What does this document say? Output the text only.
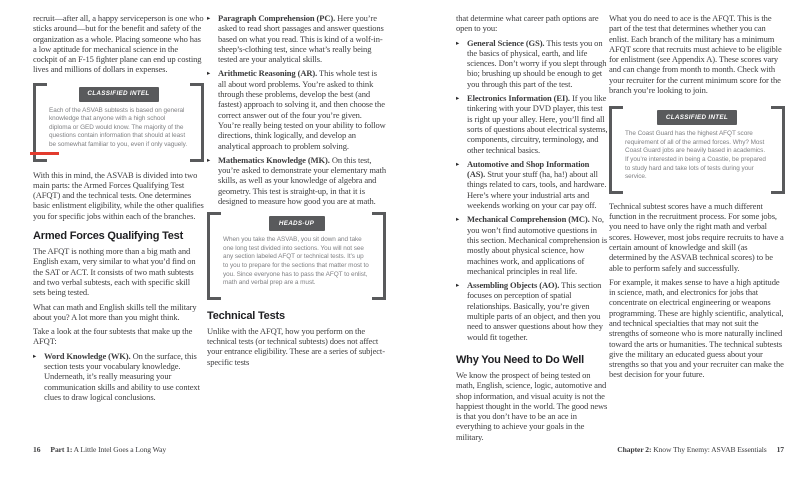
recruit—after all, a happy serviceperson is one who sticks around—but for the benefit and safety of the organization as a whole. Placing someone who has a low aptitude for mechanical science in the cockpit of an F-15 fighter plane can end up costing lives and millions of dollars in expenses.

CLASSIFIED INTEL

Each of the ASVAB subtests is based on general knowledge that anyone with a high school diploma or GED would know. The majority of the questions contain information that should at least be somewhat familiar to you, even if only vaguely.

With this in mind, the ASVAB is divided into two main parts: the Armed Forces Qualifying Test (AFQT) and the technical tests. One determines basic enlistment eligibility, while the other qualifies you for specific jobs within each of the branches.

Armed Forces Qualifying Test

The AFQT is nothing more than a big math and English exam, very similar to what you’d find on the SAT or ACT. It consists of two math subtests and two verbal subtests, each with specific skill sets being tested.

What can math and English skills tell the military about you? A lot more than you might think.

Take a look at the four subtests that make up the AFQT:

▸ Word Knowledge (WK). On the surface, this section tests your vocabulary knowledge. Underneath, it’s really measuring your communication skills and ability to use context clues to draw logical conclusions.
▸ Paragraph Comprehension (PC). Here you’re asked to read short passages and answer questions based on what you read. This is kind of a wolf-in-sheep’s-clothing test, since what’s really being tested are your analytical skills.
▸ Arithmetic Reasoning (AR). This whole test is all about word problems. You’re asked to think through these problems, develop the best (and fastest) approach to solving it, and then choose the correct answer out of the four you’re given. You’re really being tested on your ability to follow directions, think logically, and develop an analytical approach to problem solving.
▸ Mathematics Knowledge (MK). On this test, you’re asked to demonstrate your elementary math skills, as well as your knowledge of algebra and geometry. This test is straight-up, in that it is designed to measure how good you are at math.
HEADS-UP

When you take the ASVAB, you sit down and take one long test divided into sections. You will not see any section labeled AFQT or technical tests. It’s up to you to prepare for the sections that matter most to you. Since everyone has to pass the AFQT to enlist, math and verbal prep are a must.

Technical Tests

Unlike with the AFQT, how you perform on the technical tests (or technical subtests) does not affect your entrance eligibility. These are a series of subject-specific tests

16 Part 1: A Little Intel Goes a Long Way

that determine what career path options are open to you:

▸ General Science (GS). This tests you on the basics of physical, earth, and life sciences. Don’t worry if you slept through bio; brushing up should be enough to get you through this part of the test.
▸ Electronics Information (EI). If you like tinkering with your DVD player, this test is right up your alley. Here, you’ll find all sorts of questions about electrical systems, components, circuitry, terminology, and other technical basics.
▸ Automotive and Shop Information (AS). Strut your stuff (ha, ha!) about all things related to cars, tools, and hardware. Here’s where your industrial arts and weekends working on your car pay off.
▸ Mechanical Comprehension (MC). No, you won’t find automotive questions in this section. Mechanical comprehension is mostly about physical science, how machines work, and applications of mechanical principles in real life.
▸ Assembling Objects (AO). This section focuses on perception of spatial relationships. Basically, you’re given multiple parts of an object, and then you need to answer questions about how they would fit together.
Why You Need to Do Well

We know the prospect of being tested on math, English, science, logic, automotive and shop information, and visual acuity is not the happiest thought in the world. The good news is that you don’t have to be an ace in everything to achieve your goals in the military.

What you do need to ace is the AFQT. This is the part of the test that determines whether you can enlist. Each branch of the military has a minimum AFQT score that recruits must achieve to be eligible for enlistment (see Appendix A). These scores vary and can change from month to month. Check with your recruiter for the current minimum score for the branch you’re looking to join.

CLASSIFIED INTEL

The Coast Guard has the highest AFQT score requirement of all of the armed forces. Why? Most Coast Guard jobs are heavily based in academics. If you’re interested in being a Coastie, be prepared to study hard and take lots of tests during your service.

Technical subtest scores have a much different function in the recruitment process. For some jobs, you need to have only the right math and verbal scores. However, most jobs require recruits to have a certain amount of knowledge and skill (as determined by the ASVAB technical scores) to be able to perform safely and successfully.

For example, it makes sense to have a high aptitude in science, math, and electronics for jobs that concentrate on electrical engineering or weapons programming. These are highly scientific, analytical, and technical specialties that may not suit the strengths of someone who is more naturally inclined toward the arts or humanities. The technical subtests give the military an educated guess about your strengths so that you and your recruiter can make the best decision for your future.

Chapter 2: Know Thy Enemy: ASVAB Essentials 17
